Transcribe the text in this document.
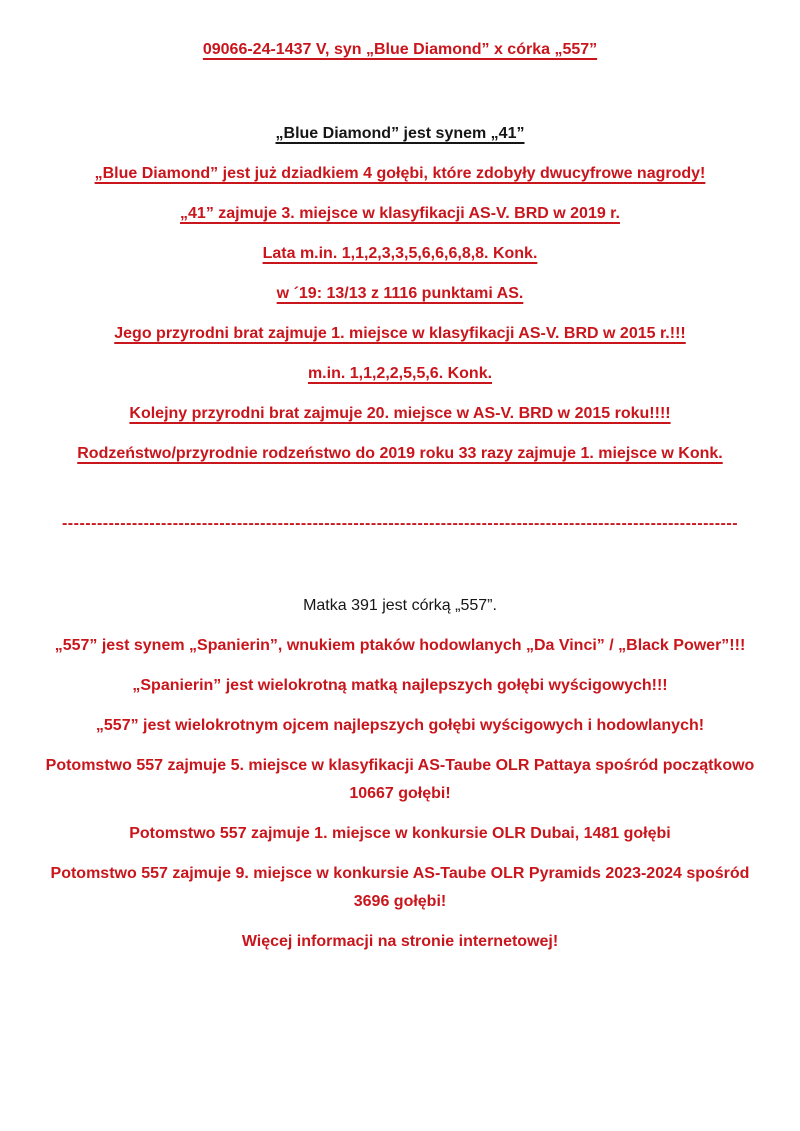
09066-24-1437 V, syn „Blue Diamond” x córka „557”

„Blue Diamond” jest synem „41”

„Blue Diamond” jest już dziadkiem 4 gołębi, które zdobyły dwucyfrowe nagrody!

„41” zajmuje 3. miejsce w klasyfikacji AS-V. BRD w 2019 r.

Lata m.in. 1,1,2,3,3,5,6,6,6,8,8. Konk.

w ´19: 13/13 z 1116 punktami AS.

Jego przyrodni brat zajmuje 1. miejsce w klasyfikacji AS-V. BRD w 2015 r.!!!

m.in. 1,1,2,2,5,5,6. Konk.

Kolejny przyrodni brat zajmuje 20. miejsce w AS-V. BRD w 2015 roku!!!!

Rodzeństwo/przyrodnie rodzeństwo do 2019 roku 33 razy zajmuje 1. miejsce w Konk.

--------------------------------------------------------------------------------------------------------------------

Matka 391 jest córką „557”.

„557” jest synem „Spanierin”, wnukiem ptaków hodowlanych „Da Vinci” / „Black Power”!!!

„Spanierin” jest wielokrotną matką najlepszych gołębi wyścigowych!!!

„557” jest wielokrotnym ojcem najlepszych gołębi wyścigowych i hodowlanych!

Potomstwo 557 zajmuje 5. miejsce w klasyfikacji AS-Taube OLR Pattaya spośród początkowo 10667 gołębi!

Potomstwo 557 zajmuje 1. miejsce w konkursie OLR Dubai, 1481 gołębi

Potomstwo 557 zajmuje 9. miejsce w konkursie AS-Taube OLR Pyramids 2023-2024 spośród 3696 gołębi!

Więcej informacji na stronie internetowej!
